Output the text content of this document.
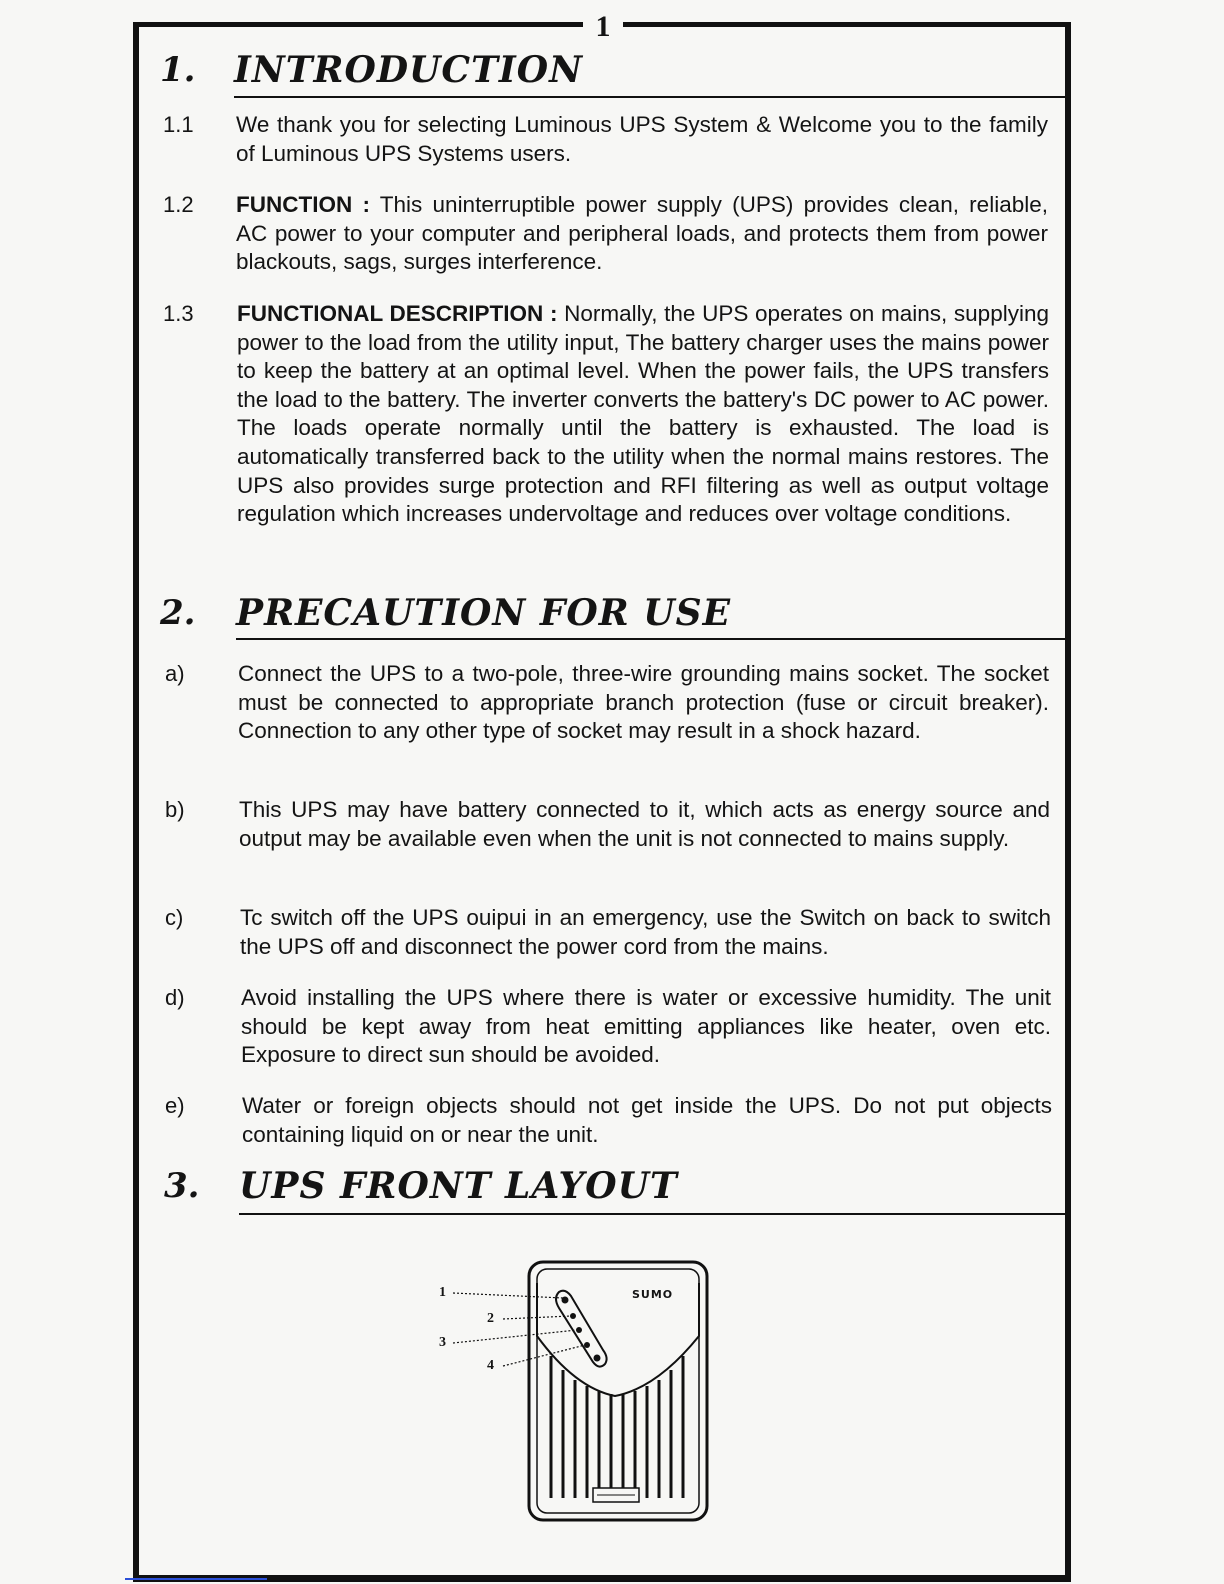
1
1. INTRODUCTION
1.1 We thank you for selecting Luminous UPS System & Welcome you to the family of Luminous UPS Systems users.
1.2 FUNCTION : This uninterruptible power supply (UPS) provides clean, reliable, AC power to your computer and peripheral loads, and protects them from power blackouts, sags, surges interference.
1.3 FUNCTIONAL DESCRIPTION : Normally, the UPS operates on mains, supplying power to the load from the utility input, The battery charger uses the mains power to keep the battery at an optimal level. When the power fails, the UPS transfers the load to the battery. The inverter converts the battery's DC power to AC power. The loads operate normally until the battery is exhausted. The load is automatically transferred back to the utility when the normal mains restores. The UPS also provides surge protection and RFI filtering as well as output voltage regulation which increases undervoltage and reduces over voltage conditions.
2. PRECAUTION FOR USE
a) Connect the UPS to a two-pole, three-wire grounding mains socket. The socket must be connected to appropriate branch protection (fuse or circuit breaker). Connection to any other type of socket may result in a shock hazard.
b) This UPS may have battery connected to it, which acts as energy source and output may be available even when the unit is not connected to mains supply.
c)	Tc switch off the UPS ouipui in an emergency, use the Switch on back to switch the UPS off and disconnect the power cord from the mains.
d)	Avoid installing the UPS where there is water or excessive humidity. The unit should be kept away from heat emitting appliances like heater, oven etc. Exposure to direct sun should be avoided.
e)	Water or foreign objects should not get inside the UPS. Do not put objects containing liquid on or near the unit.
3. UPS FRONT LAYOUT
1
2
3
4
SUMO
